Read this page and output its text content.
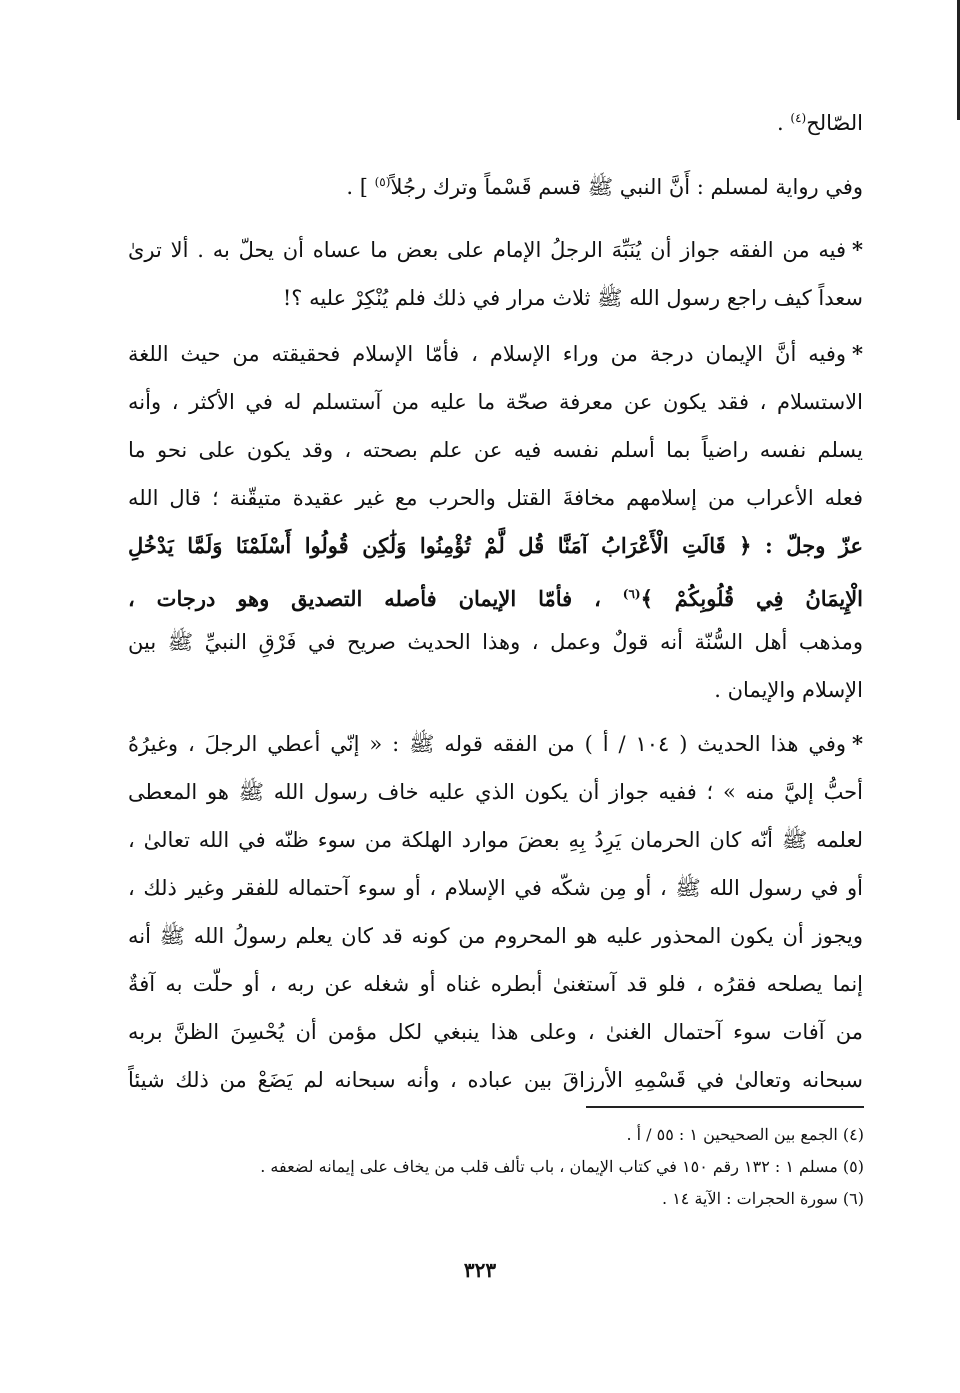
الصّالح$^{(٤)}$ .
وفي رواية لمسلم : أَنَّ النبي ﷺ قسم قَسْماً وترك رجُلاً$^{(٥)}$ ] .
*فيه من الفقه جواز أن يُنَبِّهَ الرجلُ الإمام على بعض ما عساه أن يحلّ به . ألا ترىٰ
سعداً كيف راجع رسول الله ﷺ ثلاث مرار في ذلك فلم يُنْكِرْ عليه ؟!
*وفيه أنَّ الإيمان درجة من وراء الإسلام ، فأمّا الإسلام فحقيقته من حيث اللغة
الاستسلام ، فقد يكون عن معرفة صحّة ما عليه من آستسلم له في الأكثر ، وأنه
يسلم نفسه راضياً بما أسلم نفسه فيه عن علم بصحته ، وقد يكون على نحو ما
فعله الأعراب من إسلامهم مخافةَ القتل والحرب مع غير عقيدة متيقّنة ؛ قال الله
عزّ وجلّ : ﴿ قَالَتِ الْأَعْرَابُ آمَنَّا قُل لَّمْ تُؤْمِنُوا وَلَٰكِن قُولُوا أَسْلَمْنَا وَلَمَّا يَدْخُلِ
الْإِيمَانُ فِي قُلُوبِكُمْ ﴾$^{(٦)}$ ، فأمّا الإيمان فأصله التصديق وهو درجات ،
ومذهب أهل السُّنّة أنه قولٌ وعمل ، وهذا الحديث صريح في فَرْقِ النبيِّ ﷺ بين
الإسلام والإيمان .
*وفي هذا الحديث ( ١٠٤ / أ ) من الفقه قوله ﷺ : « إنّي أعطي الرجلَ ، وغيرُهُ
أحبُّ إليَّ منه » ؛ ففيه جواز أن يكون الذي عليه خاف رسول الله ﷺ هو المعطى
لعلمه ﷺ أنّه كان الحرمان يَرِدُ بِهِ بعضَ موارد الهلكة من سوء ظنّه في الله تعالىٰ ،
أو في رسول الله ﷺ ، أو مِن شكّه في الإسلام ، أو سوء آحتماله للفقر وغير ذلك ،
ويجوز أن يكون المحذور عليه هو المحروم من كونه قد كان يعلم رسولُ الله ﷺ أنه
إنما يصلحه فقرُه ، فلو قد آستغنىٰ أبطره غناه أو شغله عن ربه ، أو حلّت به آفةٌ
من آفات سوء آحتمال الغنىٰ ، وعلى هذا ينبغي لكل مؤمن أن يُحْسِنَ الظنَّ بربه
سبحانه وتعالىٰ في قَسْمِهِ الأرزاقَ بين عباده ، وأنه سبحانه لم يَضَعْ من ذلك شيئاً
(٤) الجمع بين الصحيحين ١ : ٥٥ / أ .
(٥) مسلم ١ : ١٣٢ رقم ١٥٠ في كتاب الإيمان ، باب تألف قلب من يخاف على إيمانه لضعفه .
(٦) سورة الحجرات : الآية ١٤ .
٣٢٣
